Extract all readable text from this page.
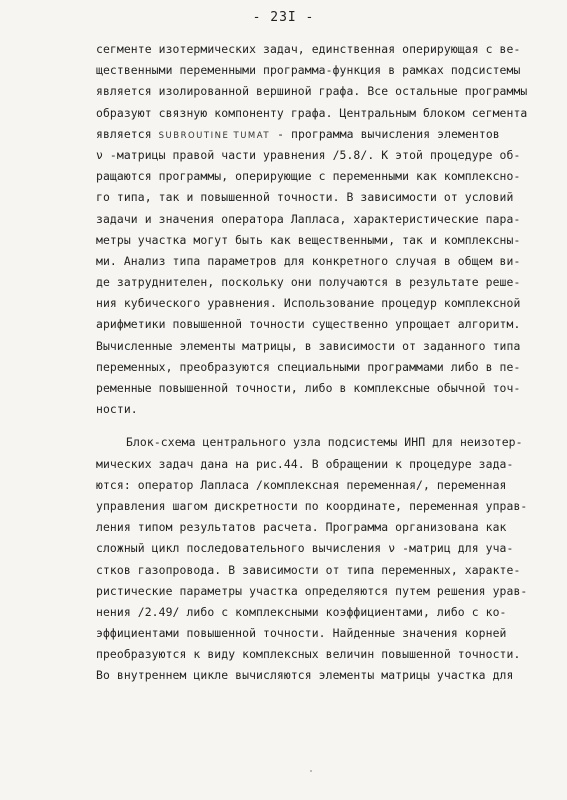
- 23I -
сегменте изотермических задач, единственная оперирующая с ве-
щественными переменными программа-функция в рамках подсистемы
является изолированной вершиной графа. Все остальные программы
образуют связную компоненту графа. Центральным блоком сегмента
является SUBROUTINE TUMAT - программа вычисления элементов
ν -матрицы правой части уравнения /5.8/. К этой процедуре об-
ращаются программы, оперирующие с переменными как комплексно-
го типа, так и повышенной точности. В зависимости от условий
задачи и значения оператора Лапласа, характеристические пара-
метры участка могут быть как вещественными, так и комплексны-
ми. Анализ типа параметров для конкретного случая в общем ви-
де затруднителен, поскольку они получаются в результате реше-
ния кубического уравнения. Использование процедур комплексной
арифметики повышенной точности существенно упрощает алгоритм.
Вычисленные элементы матрицы, в зависимости от заданного типа
переменных, преобразуются специальными программами либо в пе-
ременные повышенной точности, либо в комплексные обычной точ-
ности.
Блок-схема центрального узла подсистемы ИНП для неизотер-
мических задач дана на рис.44. В обращении к процедуре задa-
ются: оператор Лапласа /комплексная переменная/, переменная
управления шагом дискретности по координате, переменная управ-
ления типом результатов расчета. Программа организована как
сложный цикл последовательного вычисления ν -матриц для уча-
стков газопровода. В зависимости от типа переменных, характе-
ристические параметры участка определяются путем решения урав-
нения /2.49/ либо с комплексными коэффициентами, либо с ко-
эффициентами повышенной точности. Найденные значения корней
преобразуются к виду комплексных величин повышенной точности.
Во внутреннем цикле вычисляются элементы матрицы участка для
